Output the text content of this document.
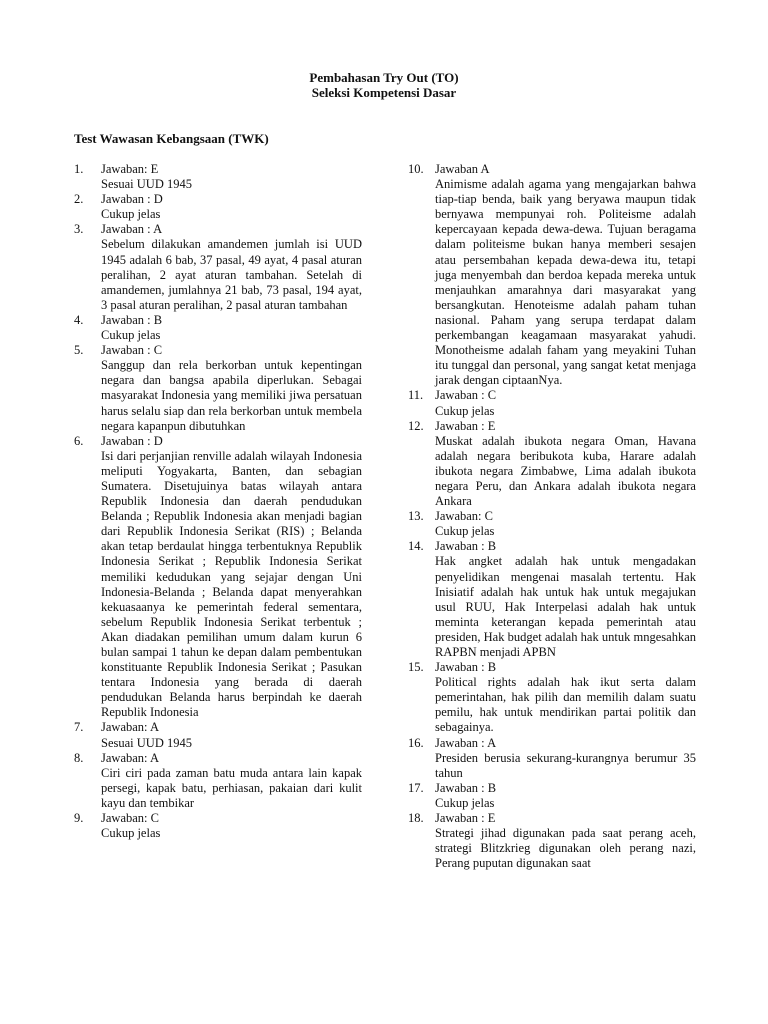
Pembahasan Try Out (TO)
Seleksi Kompetensi Dasar
Test Wawasan Kebangsaan (TWK)
1. Jawaban: E
Sesuai UUD 1945
2. Jawaban : D
Cukup jelas
3. Jawaban : A
Sebelum dilakukan amandemen jumlah isi UUD 1945 adalah 6 bab, 37 pasal, 49 ayat, 4 pasal aturan peralihan, 2 ayat aturan tambahan. Setelah di amandemen, jumlahnya 21 bab, 73 pasal, 194 ayat, 3 pasal aturan peralihan, 2 pasal aturan tambahan
4. Jawaban : B
Cukup jelas
5. Jawaban : C
Sanggup dan rela berkorban untuk kepentingan negara dan bangsa apabila diperlukan. Sebagai masyarakat Indonesia yang memiliki jiwa persatuan harus selalu siap dan rela berkorban untuk membela negara kapanpun dibutuhkan
6. Jawaban : D
Isi dari perjanjian renville adalah wilayah Indonesia meliputi Yogyakarta, Banten, dan sebagian Sumatera. Disetujuinya batas wilayah antara Republik Indonesia dan daerah pendudukan Belanda ; Republik Indonesia akan menjadi bagian dari Republik Indonesia Serikat (RIS) ; Belanda akan tetap berdaulat hingga terbentuknya Republik Indonesia Serikat ; Republik Indonesia Serikat memiliki kedudukan yang sejajar dengan Uni Indonesia-Belanda ; Belanda dapat menyerahkan kekuasaanya ke pemerintah federal sementara, sebelum Republik Indonesia Serikat terbentuk ; Akan diadakan pemilihan umum dalam kurun 6 bulan sampai 1 tahun ke depan dalam pembentukan konstituante Republik Indonesia Serikat ; Pasukan tentara Indonesia yang berada di daerah pendudukan Belanda harus berpindah ke daerah Republik Indonesia
7. Jawaban: A
Sesuai UUD 1945
8. Jawaban: A
Ciri ciri pada zaman batu muda antara lain kapak persegi, kapak batu, perhiasan, pakaian dari kulit kayu dan tembikar
9. Jawaban: C
Cukup jelas
10. Jawaban A
Animisme adalah agama yang mengajarkan bahwa tiap-tiap benda, baik yang beryawa maupun tidak bernyawa mempunyai roh. Politeisme adalah kepercayaan kepada dewa-dewa. Tujuan beragama dalam politeisme bukan hanya memberi sesajen atau persembahan kepada dewa-dewa itu, tetapi juga menyembah dan berdoa kepada mereka untuk menjauhkan amarahnya dari masyarakat yang bersangkutan. Henoteisme adalah paham tuhan nasional. Paham yang serupa terdapat dalam perkembangan keagamaan masyarakat yahudi. Monotheisme adalah faham yang meyakini Tuhan itu tunggal dan personal, yang sangat ketat menjaga jarak dengan ciptaanNya.
11. Jawaban : C
Cukup jelas
12. Jawaban : E
Muskat adalah ibukota negara Oman, Havana adalah negara beribukota kuba, Harare adalah ibukota negara Zimbabwe, Lima adalah ibukota negara Peru, dan Ankara adalah ibukota negara Ankara
13. Jawaban: C
Cukup jelas
14. Jawaban : B
Hak angket adalah hak untuk mengadakan penyelidikan mengenai masalah tertentu. Hak Inisiatif adalah hak untuk hak untuk megajukan usul RUU, Hak Interpelasi adalah hak untuk meminta keterangan kepada pemerintah atau presiden, Hak budget adalah hak untuk mngesahkan RAPBN menjadi APBN
15. Jawaban : B
Political rights adalah hak ikut serta dalam pemerintahan, hak pilih dan memilih dalam suatu pemilu, hak untuk mendirikan partai politik dan sebagainya.
16. Jawaban : A
Presiden berusia sekurang-kurangnya berumur 35 tahun
17. Jawaban : B
Cukup jelas
18. Jawaban : E
Strategi jihad digunakan pada saat perang aceh, strategi Blitzkrieg digunakan oleh perang nazi, Perang puputan digunakan saat
